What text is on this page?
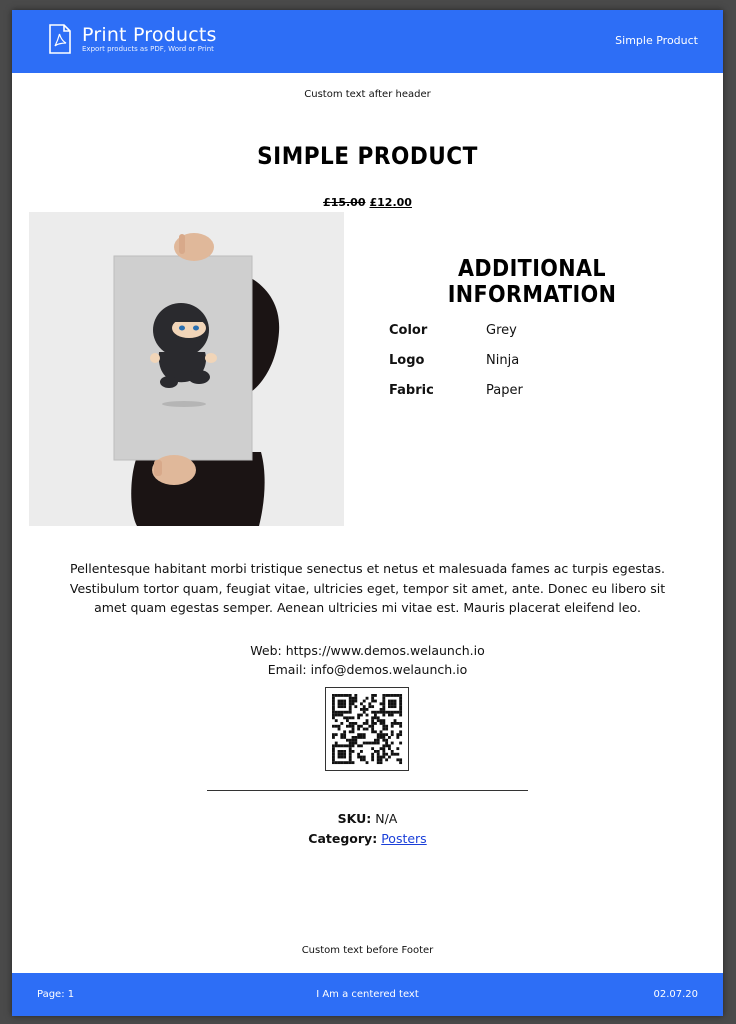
Print Products
Export products as PDF, Word or Print
Simple Product
Custom text after header
SIMPLE PRODUCT
£15.00 £12.00
ADDITIONAL INFORMATION
Color	Grey
Logo	Ninja
Fabric	Paper
Pellentesque habitant morbi tristique senectus et netus et malesuada fames ac turpis egestas. Vestibulum tortor quam, feugiat vitae, ultricies eget, tempor sit amet, ante. Donec eu libero sit amet quam egestas semper. Aenean ultricies mi vitae est. Mauris placerat eleifend leo.
Web: https://www.demos.welaunch.io
Email: info@demos.welaunch.io
SKU: N/A
Category: Posters
Custom text before Footer
Page: 1	I Am a centered text	02.07.20
